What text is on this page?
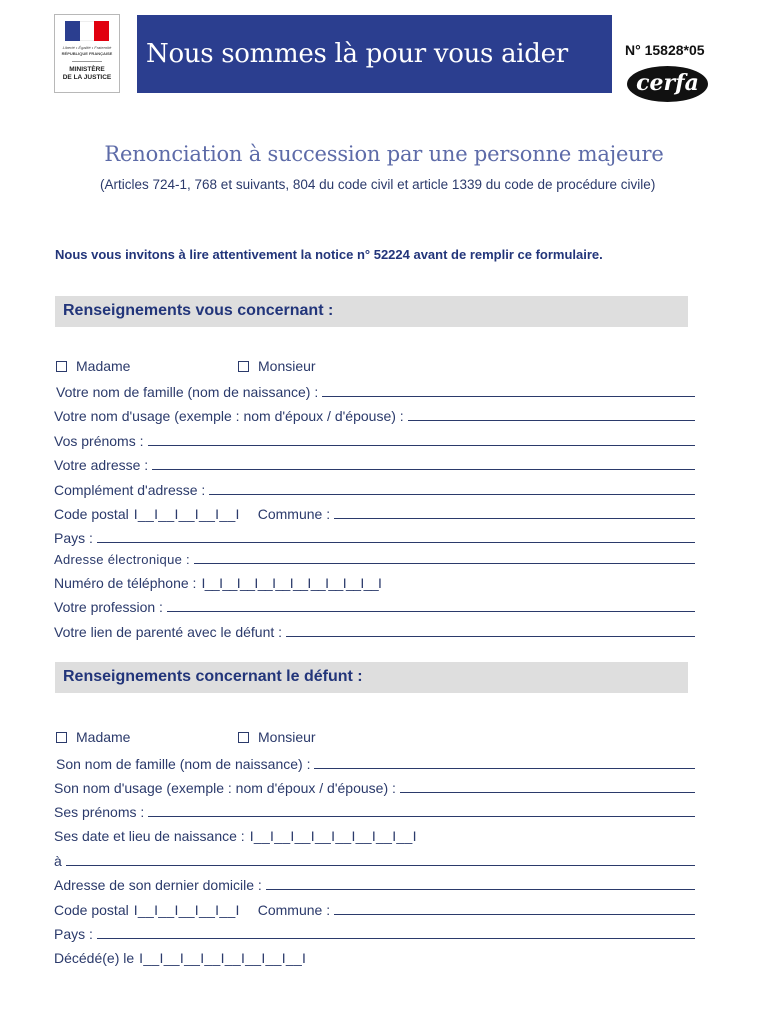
Liberté • Égalité • Fraternité
RÉPUBLIQUE FRANÇAISE
MINISTÈRE
DE LA JUSTICE
Nous sommes là pour vous aider	N° 15828*05
cerfa
Renonciation à succession par une personne majeure
(Articles 724-1, 768 et suivants, 804 du code civil et article 1339 du code de procédure civile)
Nous vous invitons à lire attentivement la notice n° 52224 avant de remplir ce formulaire.
Renseignements vous concernant :
Madame	Monsieur
Votre nom de famille (nom de naissance) :
Votre nom d'usage (exemple : nom d'époux / d'épouse) :
Vos prénoms :
Votre adresse :
Complément d'adresse :
Code postal I__I__I__I__I__I Commune :
Pays :
Adresse électronique :
Numéro de téléphone : I__I__I__I__I__I__I__I__I__I__I
Votre profession :
Votre lien de parenté avec le défunt :
Renseignements concernant le défunt :
Madame	Monsieur
Son nom de famille (nom de naissance) :
Son nom d'usage (exemple : nom d'époux / d'épouse) :
Ses prénoms :
Ses date et lieu de naissance : I__I__I__I__I__I__I__I__I
à
Adresse de son dernier domicile :
Code postal I__I__I__I__I__I Commune :
Pays :
Décédé(e) le I__I__I__I__I__I__I__I__I
